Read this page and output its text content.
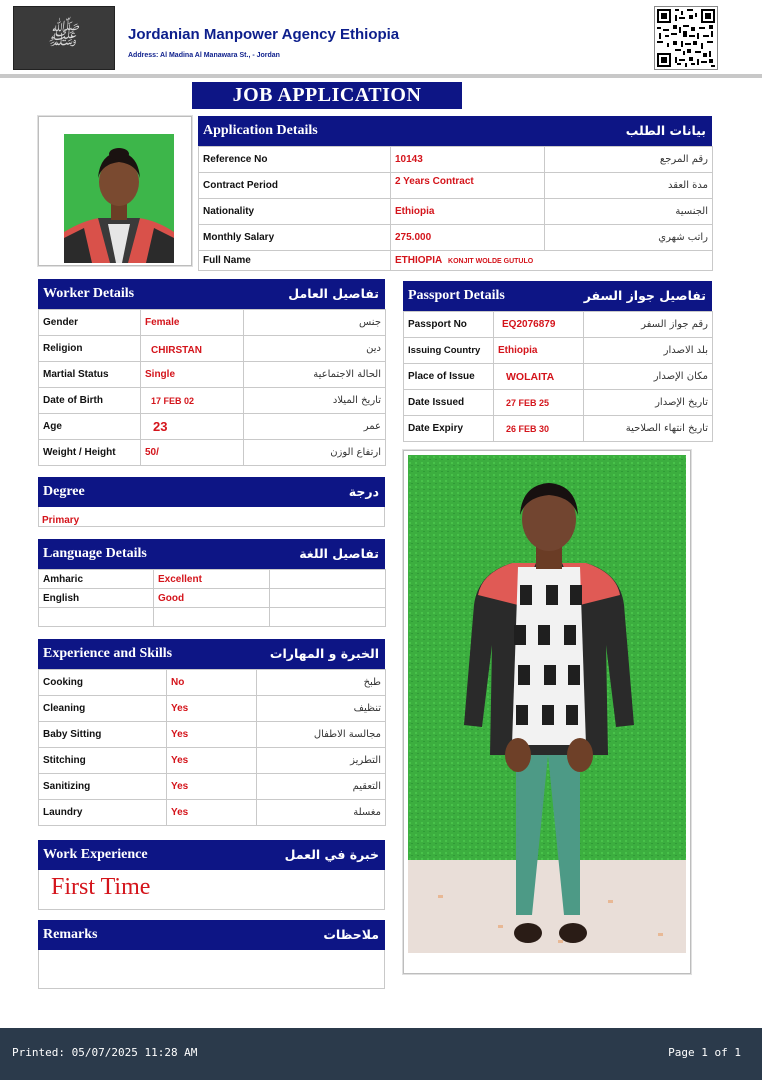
ﷺ	Jordanian Manpower Agency Ethiopia
Address: Al Madina Al Manawara St., - Jordan
JOB APPLICATION
Application Details	بيانات الطلب
Reference No	10143	رقم المرجع
Contract Period	2 Years Contract	مدة العقد
Nationality	Ethiopia	الجنسية
Monthly Salary	275.000	راتب شهري
Full Name	ETHIOPIA KONJIT WOLDE GUTULO	
Worker Details	تفاصيل العامل
Gender	Female	جنس
Religion	CHIRSTAN	دين
Martial Status	Single	الحالة الاجتماعية
Date of Birth	17 FEB 02	تاريخ الميلاد
Age	23	عمر
Weight / Height	50/	ارتفاع الوزن
Passport Details	تفاصيل جواز السفر
Passport No	EQ2076879	رقم جواز السفر
Issuing Country	Ethiopia	بلد الاصدار
Place of Issue	WOLAITA	مكان الإصدار
Date Issued	27 FEB 25	تاريخ الإصدار
Date Expiry	26 FEB 30	تاريخ انتهاء الصلاحية
Degree	درجة
Primary
Language Details	تفاصيل اللغة
Amharic	Excellent	
English	Good	

Experience and Skills	الخبرة و المهارات
Cooking	No	طبخ
Cleaning	Yes	تنظيف
Baby Sitting	Yes	مجالسة الاطفال
Stitching	Yes	التطريز
Sanitizing	Yes	التعقيم
Laundry	Yes	مغسلة
Work Experience	خبرة في العمل
First Time
Remarks	ملاحظات
Printed: 05/07/2025 11:28 AM	Page 1 of 1
